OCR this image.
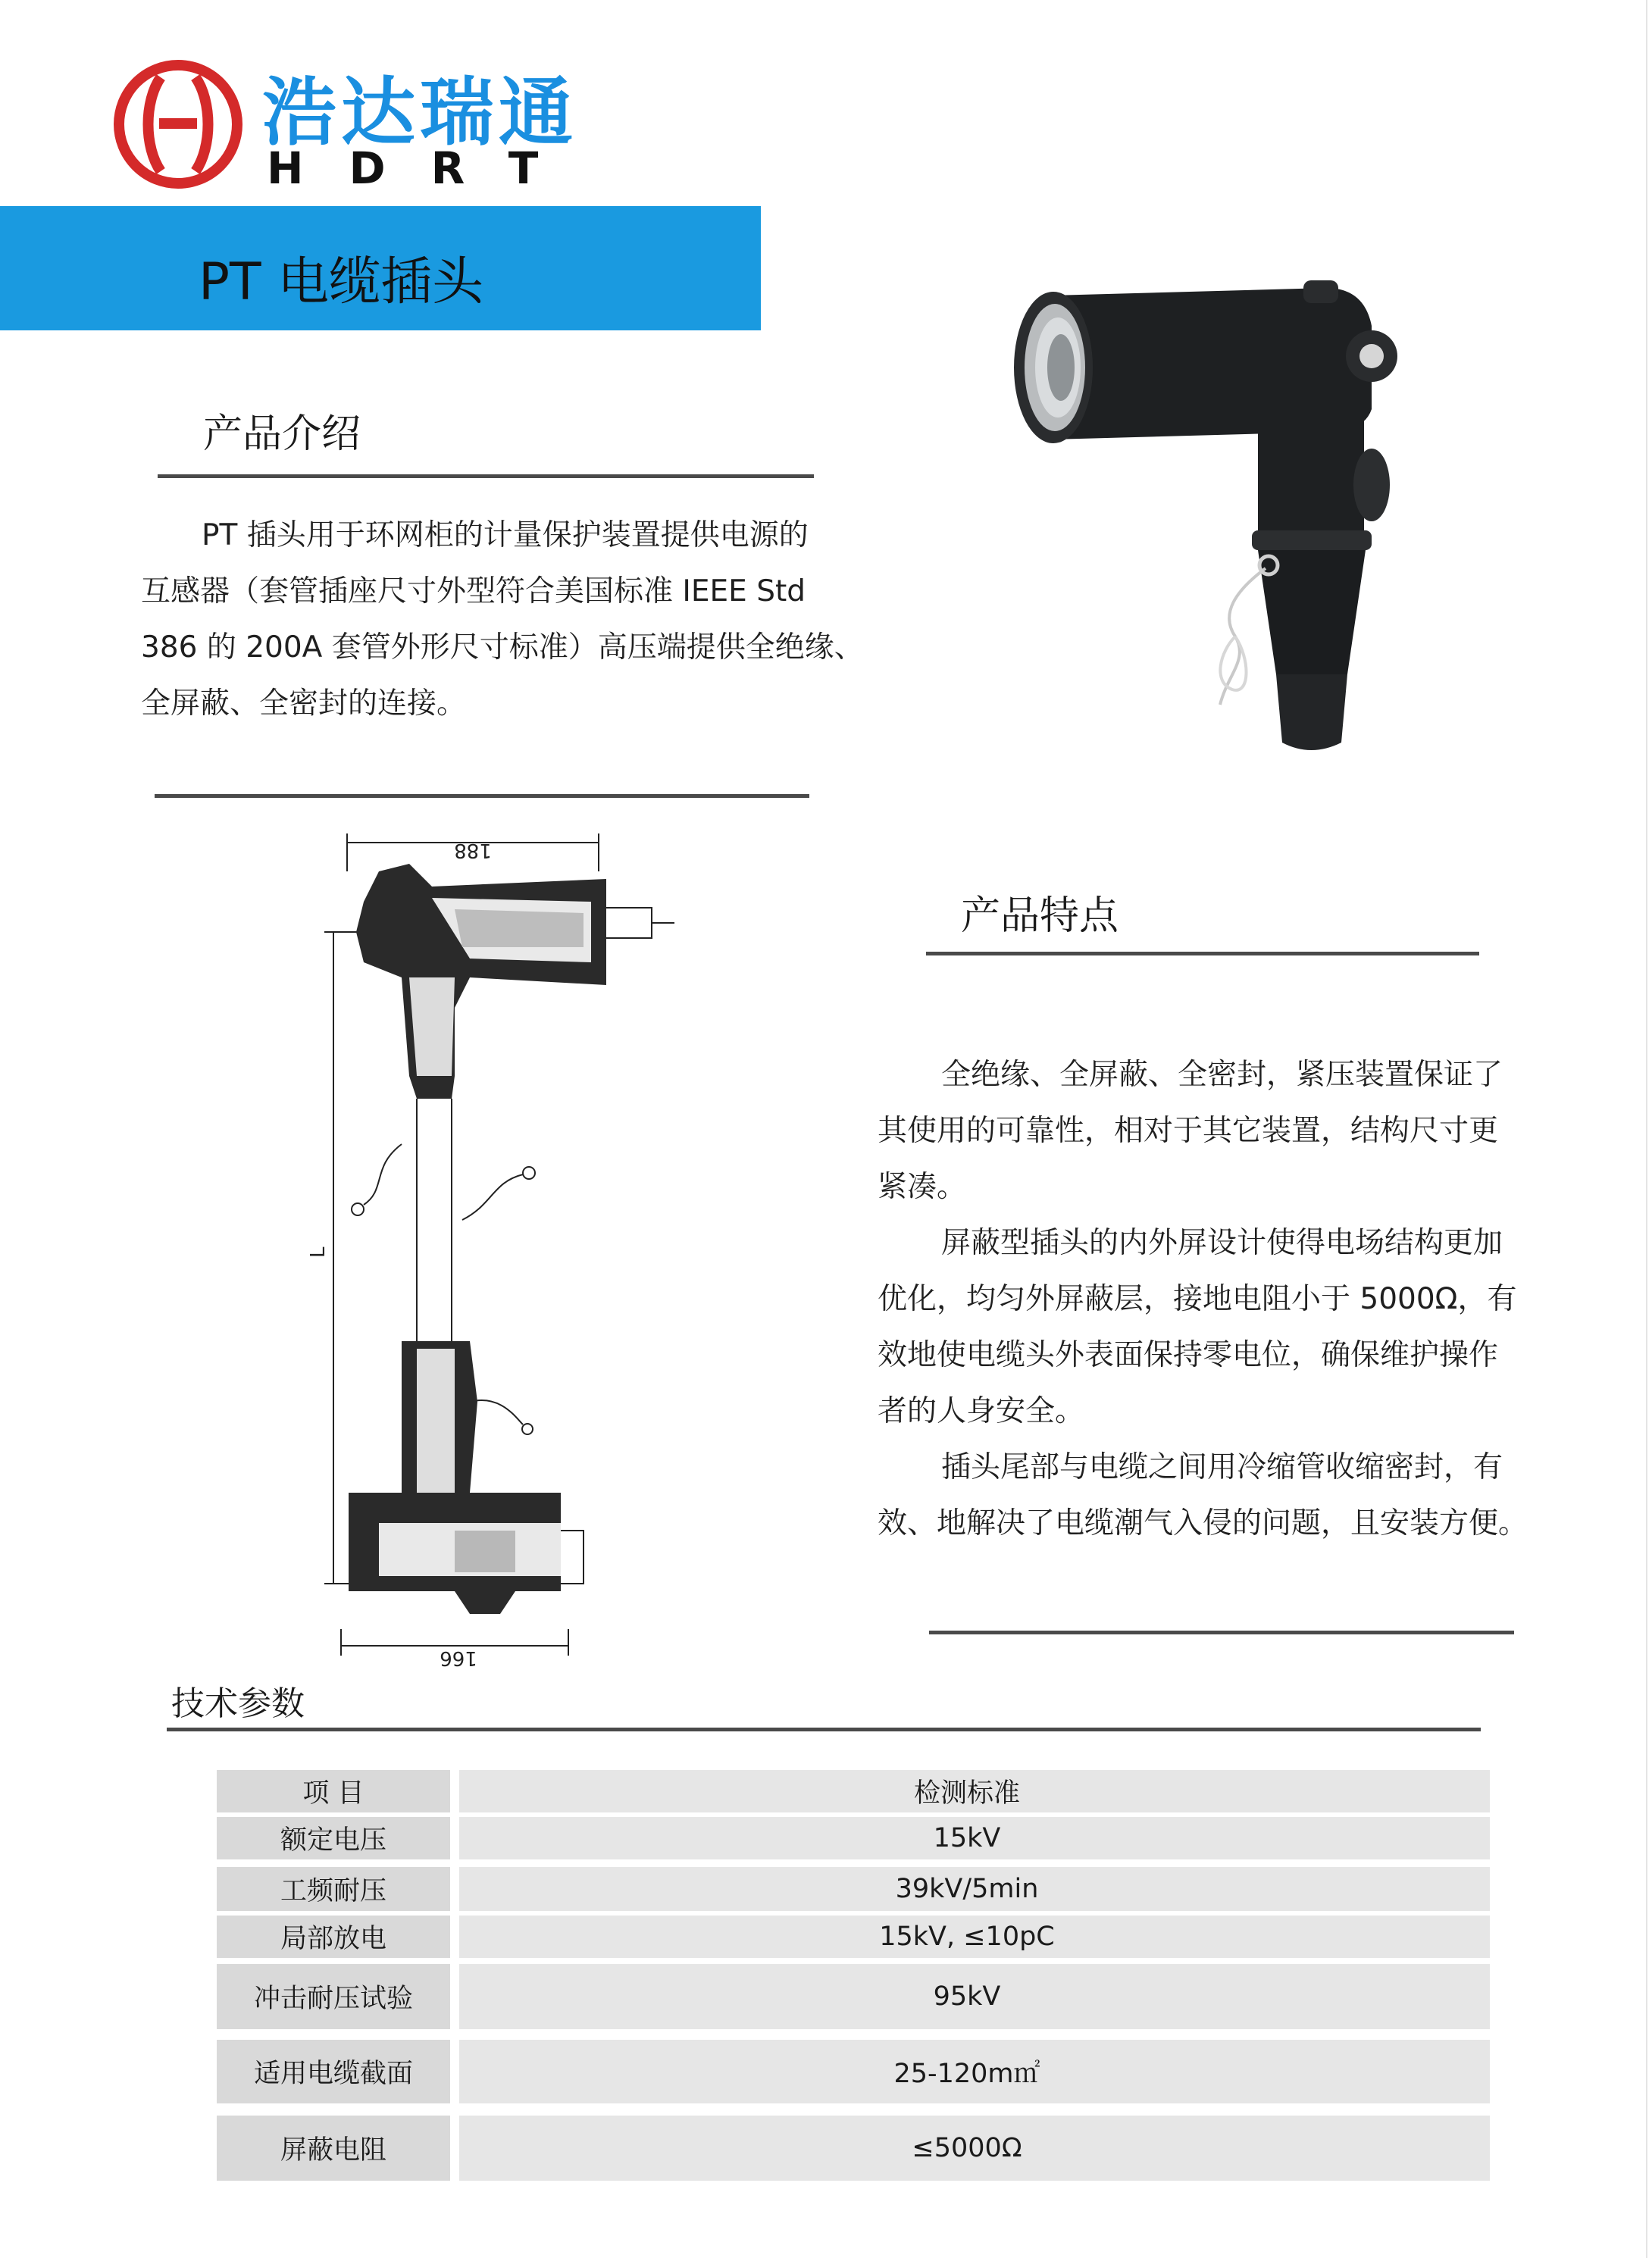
浩达瑞通
HDRT
PT 电缆插头
产品介绍
PT 插头用于环网柜的计量保护装置提供电源的
互感器（套管插座尺寸外型符合美国标准 IEEE Std
386 的 200A 套管外形尺寸标准）高压端提供全绝缘、
全屏蔽、全密封的连接。
188
166
L
产品特点
全绝缘、全屏蔽、全密封，紧压装置保证了
其使用的可靠性，相对于其它装置，结构尺寸更
紧凑。
屏蔽型插头的内外屏设计使得电场结构更加
优化，均匀外屏蔽层，接地电阻小于 5000Ω，有
效地使电缆头外表面保持零电位，确保维护操作
者的人身安全。
插头尾部与电缆之间用冷缩管收缩密封，有
效、地解决了电缆潮气入侵的问题，且安装方便。
技术参数
项 目	检测标准
额定电压	15kV
工频耐压	39kV/5min
局部放电	15kV, ≤10pC
冲击耐压试验	95kV
适用电缆截面	25-120m㎡
屏蔽电阻	≤5000Ω
